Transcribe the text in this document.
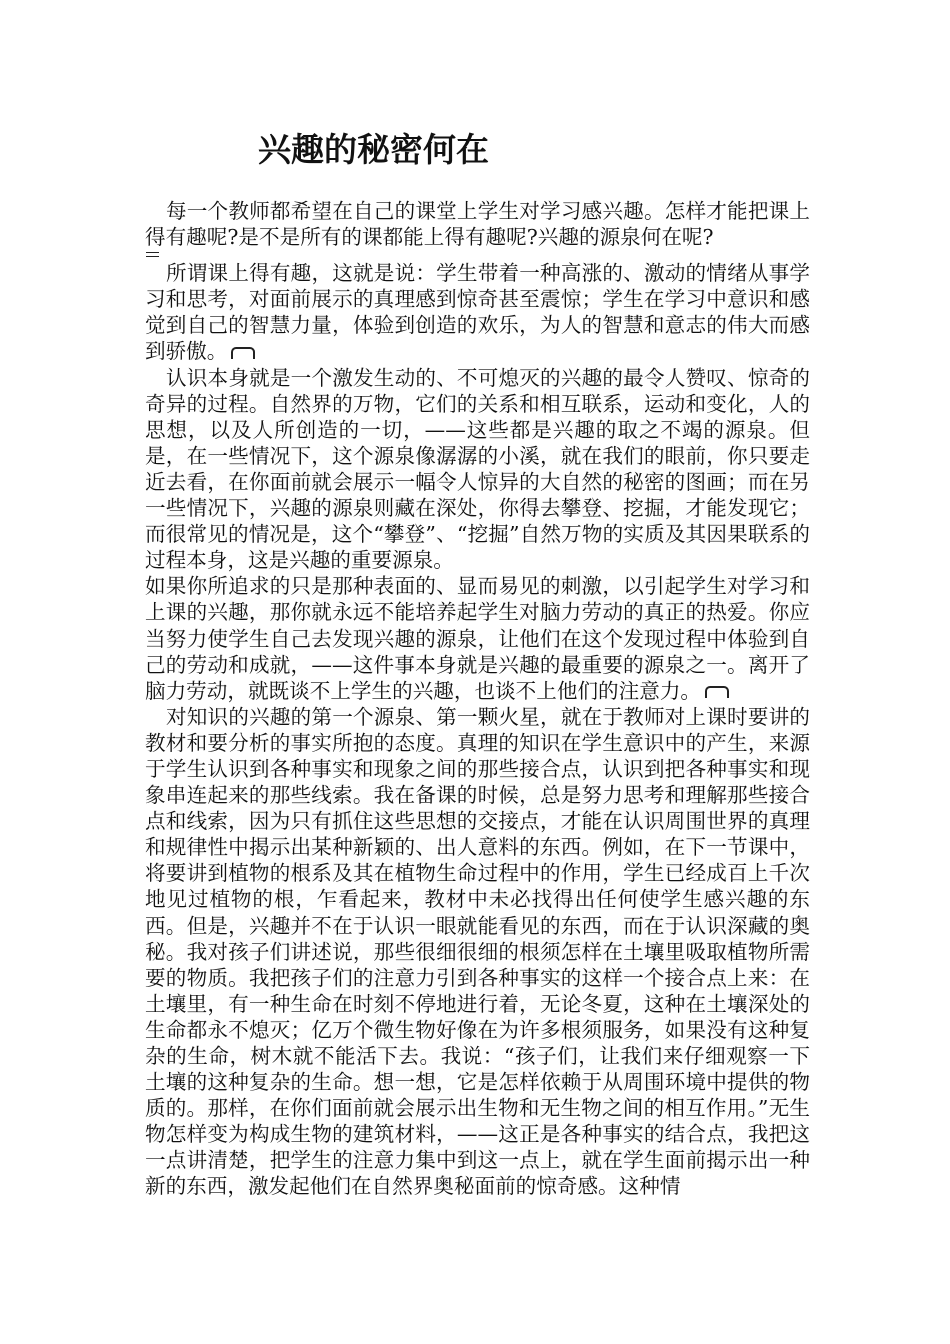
兴趣的秘密何在

每一个教师都希望在自己的课堂上学生对学习感兴趣。怎样才能把课上得有趣呢?是不是所有的课都能上得有趣呢?兴趣的源泉何在呢?

所谓课上得有趣，这就是说：学生带着一种高涨的、激动的情绪从事学习和思考，对面前展示的真理感到惊奇甚至震惊；学生在学习中意识和感觉到自己的智慧力量，体验到创造的欢乐，为人的智慧和意志的伟大而感到骄傲。

认识本身就是一个激发生动的、不可熄灭的兴趣的最令人赞叹、惊奇的奇异的过程。自然界的万物，它们的关系和相互联系，运动和变化，人的思想，以及人所创造的一切，——这些都是兴趣的取之不竭的源泉。但是，在一些情况下，这个源泉像潺潺的小溪，就在我们的眼前，你只要走近去看，在你面前就会展示一幅令人惊异的大自然的秘密的图画；而在另一些情况下，兴趣的源泉则藏在深处，你得去攀登、挖掘，才能发现它；而很常见的情况是，这个“攀登”、“挖掘”自然万物的实质及其因果联系的过程本身，这是兴趣的重要源泉。

如果你所追求的只是那种表面的、显而易见的刺激，以引起学生对学习和上课的兴趣，那你就永远不能培养起学生对脑力劳动的真正的热爱。你应当努力使学生自己去发现兴趣的源泉，让他们在这个发现过程中体验到自己的劳动和成就，——这件事本身就是兴趣的最重要的源泉之一。离开了脑力劳动，就既谈不上学生的兴趣，也谈不上他们的注意力。

对知识的兴趣的第一个源泉、第一颗火星，就在于教师对上课时要讲的教材和要分析的事实所抱的态度。真理的知识在学生意识中的产生，来源于学生认识到各种事实和现象之间的那些接合点，认识到把各种事实和现象串连起来的那些线索。我在备课的时候，总是努力思考和理解那些接合点和线索，因为只有抓住这些思想的交接点，才能在认识周围世界的真理和规律性中揭示出某种新颖的、出人意料的东西。例如，在下一节课中，将要讲到植物的根系及其在植物生命过程中的作用，学生已经成百上千次地见过植物的根，乍看起来，教材中未必找得出任何使学生感兴趣的东西。但是，兴趣并不在于认识一眼就能看见的东西，而在于认识深藏的奥秘。我对孩子们讲述说，那些很细很细的根须怎样在土壤里吸取植物所需要的物质。我把孩子们的注意力引到各种事实的这样一个接合点上来：在土壤里，有一种生命在时刻不停地进行着，无论冬夏，这种在土壤深处的生命都永不熄灭；亿万个微生物好像在为许多根须服务，如果没有这种复杂的生命，树木就不能活下去。我说：“孩子们，让我们来仔细观察一下土壤的这种复杂的生命。想一想，它是怎样依赖于从周围环境中提供的物质的。那样，在你们面前就会展示出生物和无生物之间的相互作用。”无生物怎样变为构成生物的建筑材料，——这正是各种事实的结合点，我把这一点讲清楚，把学生的注意力集中到这一点上，就在学生面前揭示出一种新的东西，激发起他们在自然界奥秘面前的惊奇感。这种情
